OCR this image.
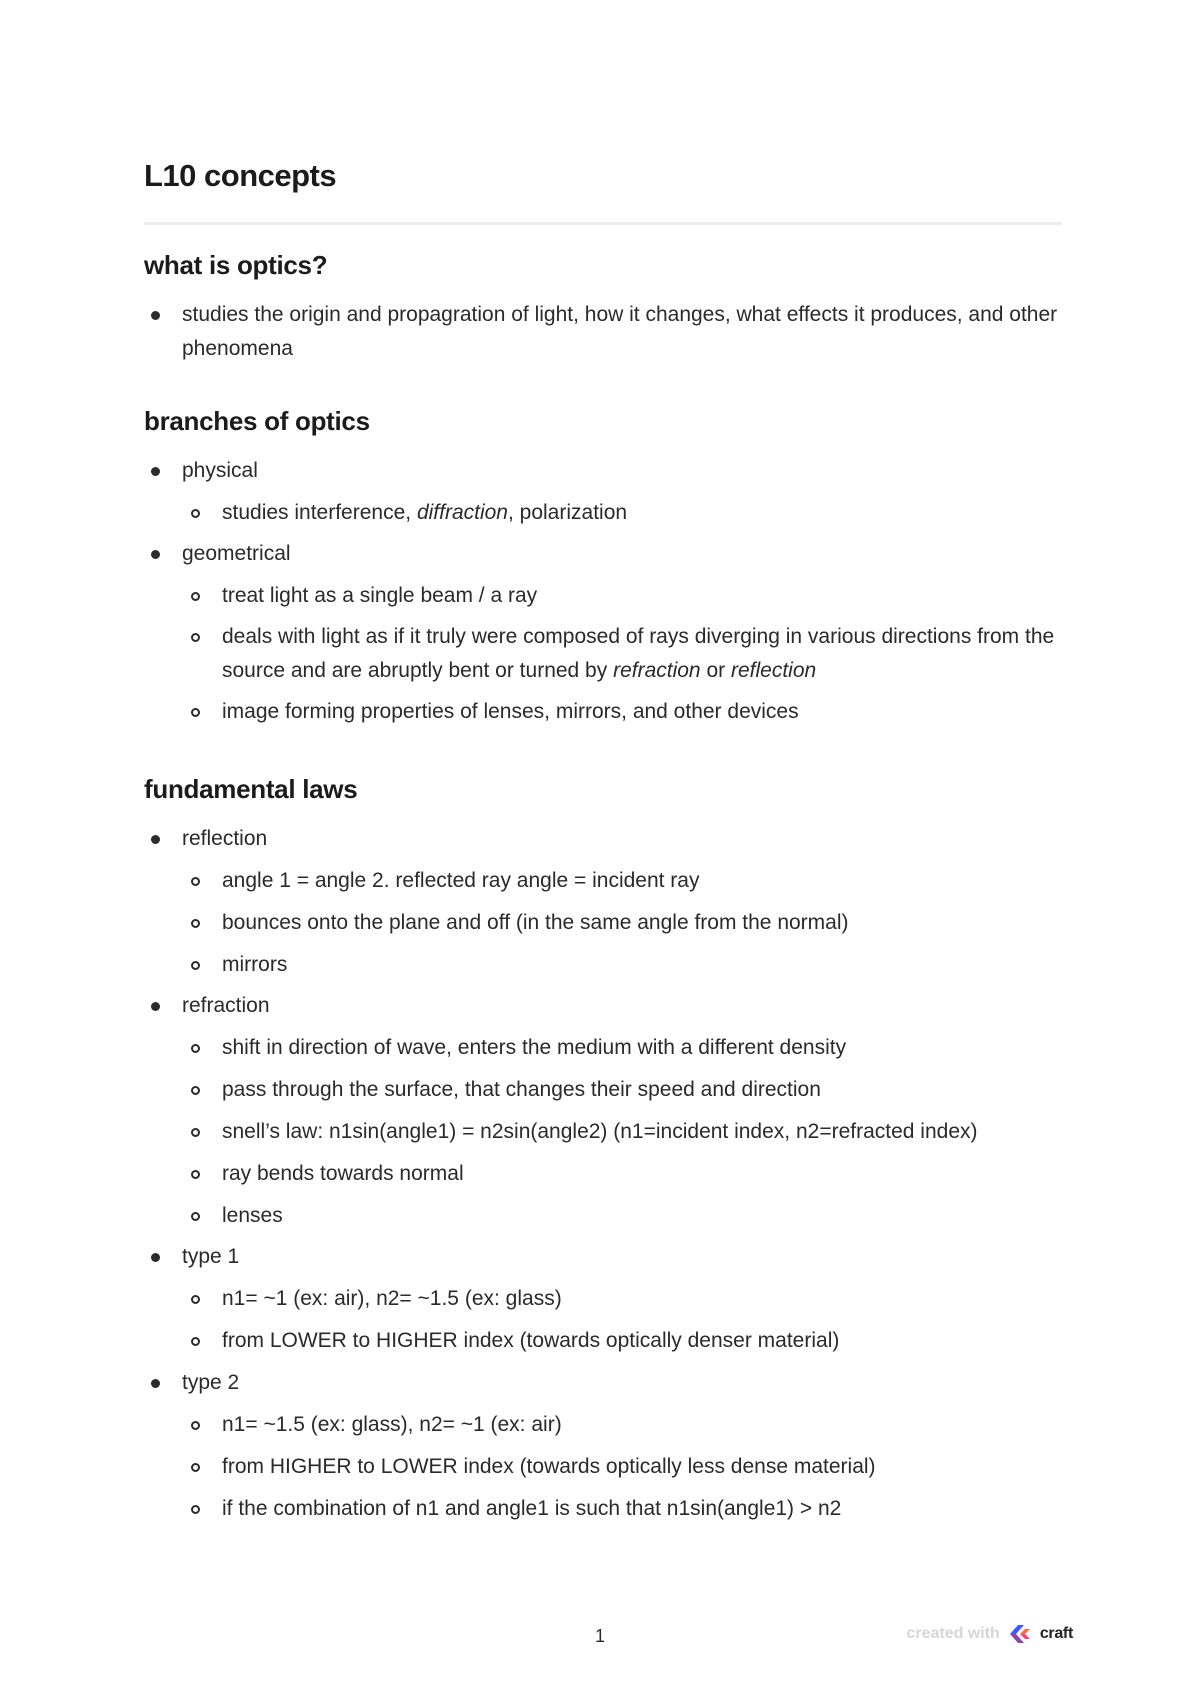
L10 concepts
what is optics?
studies the origin and propagration of light, how it changes, what effects it produces, and other phenomena
branches of optics
physical
studies interference, diffraction, polarization
geometrical
treat light as a single beam / a ray
deals with light as if it truly were composed of rays diverging in various directions from the source and are abruptly bent or turned by refraction or reflection
image forming properties of lenses, mirrors, and other devices
fundamental laws
reflection
angle 1 = angle 2. reflected ray angle = incident ray
bounces onto the plane and off (in the same angle from the normal)
mirrors
refraction
shift in direction of wave, enters the medium with a different density
pass through the surface, that changes their speed and direction
snell’s law: n1sin(angle1) = n2sin(angle2) (n1=incident index, n2=refracted index)
ray bends towards normal
lenses
type 1
n1= ~1 (ex: air), n2= ~1.5 (ex: glass)
from LOWER to HIGHER index (towards optically denser material)
type 2
n1= ~1.5 (ex: glass), n2= ~1 (ex: air)
from HIGHER to LOWER index (towards optically less dense material)
if the combination of n1 and angle1 is such that n1sin(angle1) > n2
1	created with	craft
